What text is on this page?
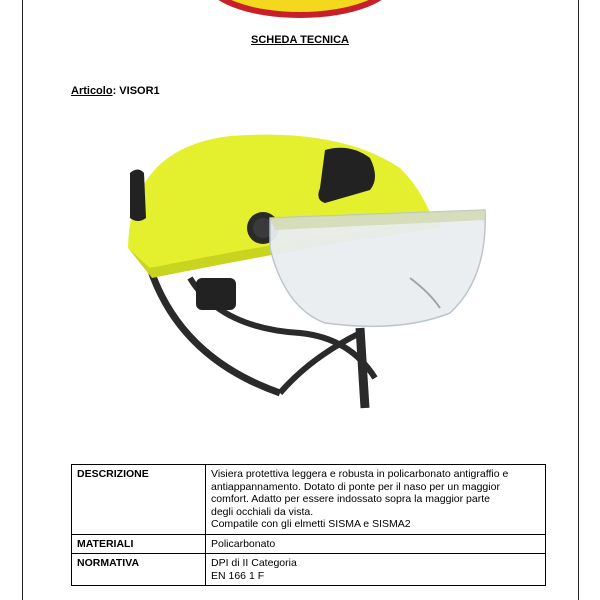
SCHEDA TECNICA
Articolo: VISOR1
DESCRIZIONE	Visiera protettiva leggera e robusta in policarbonato antigraffio e
antiappannamento. Dotato di ponte per il naso per un maggior
comfort. Adatto per essere indossato sopra la maggior parte
degli occhiali da vista.
Compatile con gli elmetti SISMA e SISMA2

MATERIALI	Policarbonato
NORMATIVA	DPI di II Categoria
EN 166 1 F
